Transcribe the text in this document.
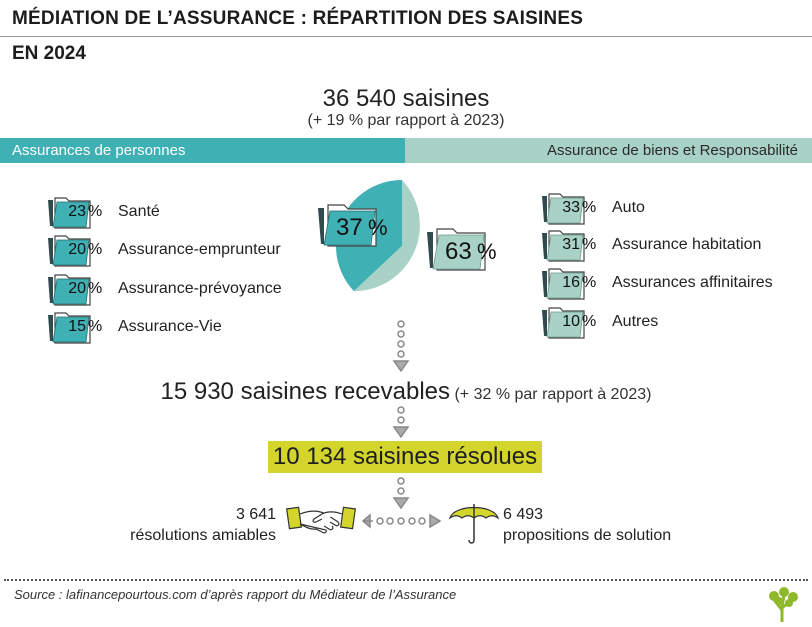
MÉDIATION DE L’ASSURANCE : RÉPARTITION DES SAISINES
EN 2024
36 540 saisines
(+ 19 % par rapport à 2023)
Assurances de personnes	Assurance de biens et Responsabilité
23 % Santé
20 % Assurance-emprunteur
20 % Assurance-prévoyance
15 % Assurance-Vie
33 % Auto
31 % Assurance habitation
16 % Assurances affinitaires
10 % Autres
37 %
63 %
15 930 saisines recevables (+ 32 % par rapport à 2023)
10 134 saisines résolues
3 641
résolutions amiables
6 493
propositions de solution
Source : lafinancepourtous.com d’après rapport du Médiateur de l’Assurance
